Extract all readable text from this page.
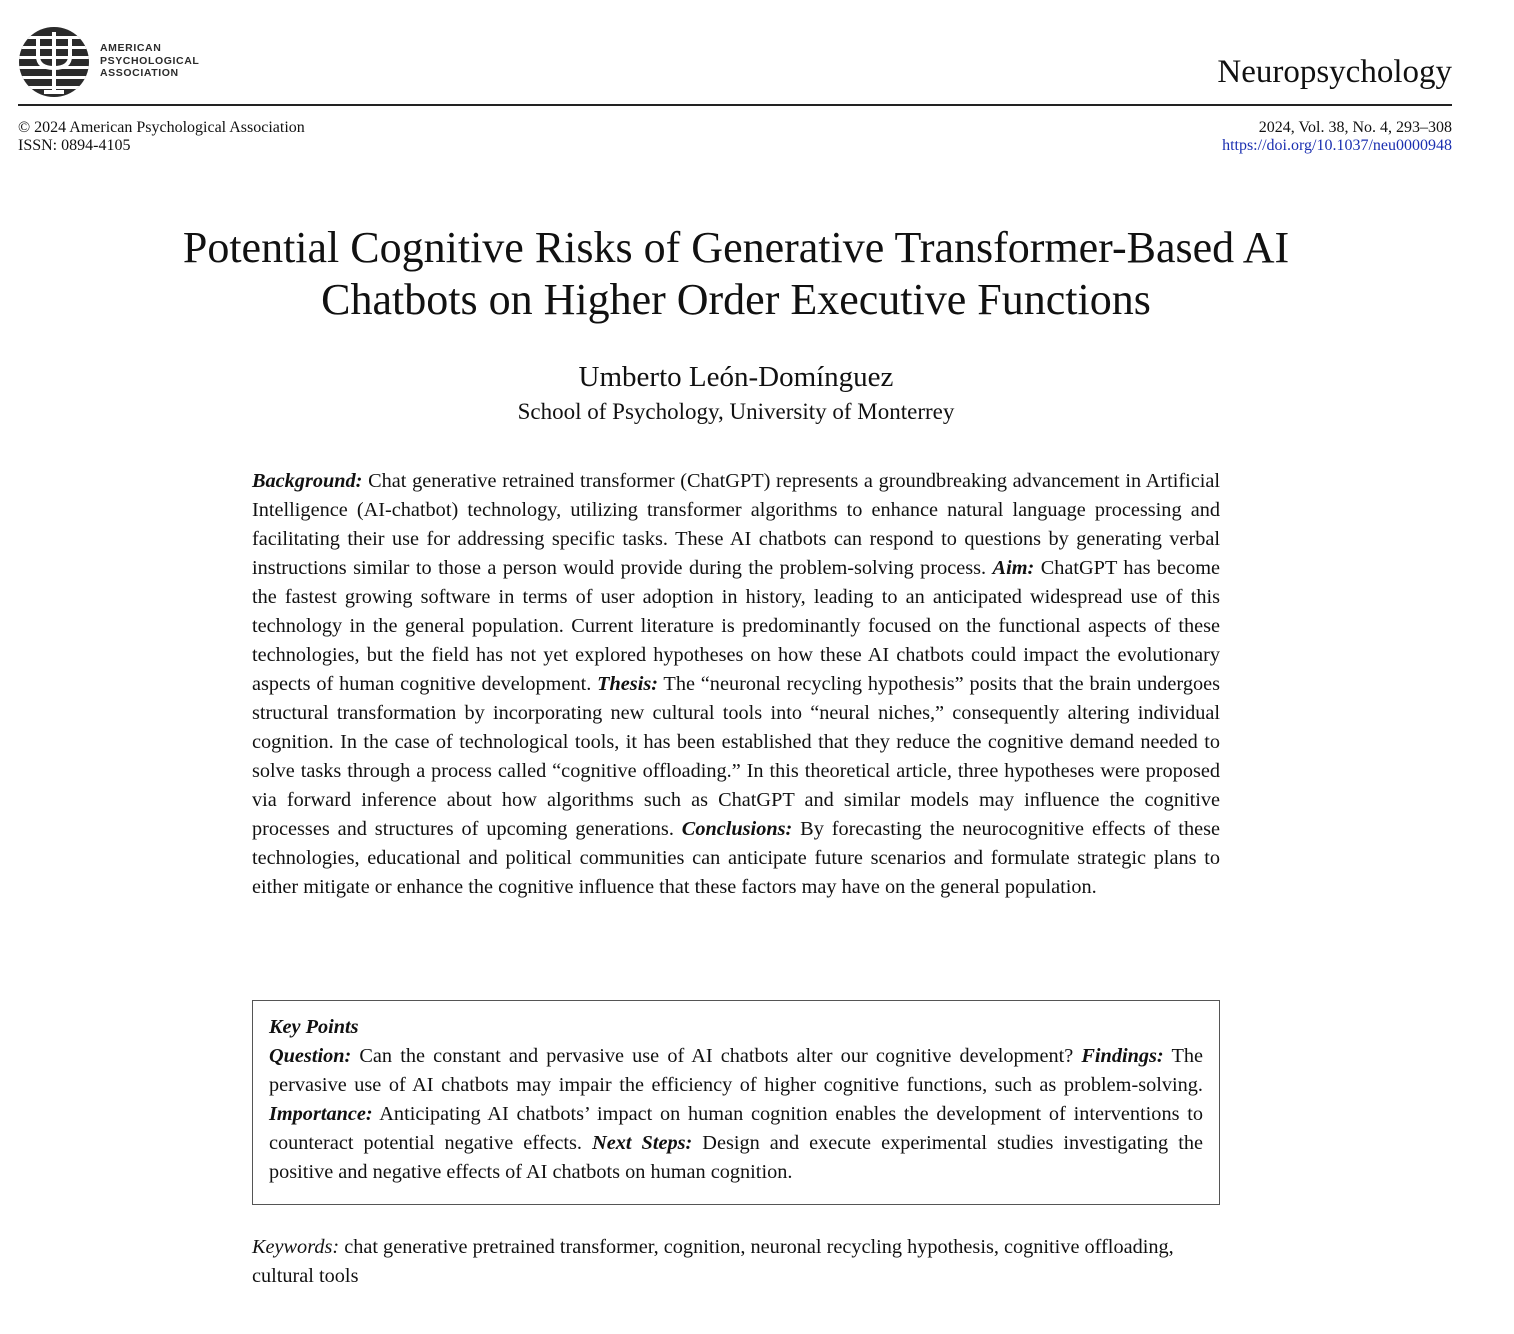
AMERICAN
PSYCHOLOGICAL
ASSOCIATION	Neuropsychology
© 2024 American Psychological Association
ISSN: 0894-4105
2024, Vol. 38, No. 4, 293–308
https://doi.org/10.1037/neu0000948
Potential Cognitive Risks of Generative Transformer-Based AI
Chatbots on Higher Order Executive Functions
Umberto León-Domínguez
School of Psychology, University of Monterrey

Background: Chat generative retrained transformer (ChatGPT) represents a groundbreaking advancement in Artificial Intelligence (AI-chatbot) technology, utilizing transformer algorithms to enhance natural language processing and facilitating their use for addressing specific tasks. These AI chatbots can respond to questions by generating verbal instructions similar to those a person would provide during the problem-solving process. Aim: ChatGPT has become the fastest growing software in terms of user adoption in history, leading to an anticipated widespread use of this technology in the general population. Current literature is predominantly focused on the functional aspects of these technologies, but the field has not yet explored hypotheses on how these AI chatbots could impact the evolutionary aspects of human cognitive development. Thesis: The “neuronal recycling hypothesis” posits that the brain undergoes structural transformation by incorporating new cultural tools into “neural niches,” consequently altering individual cognition. In the case of technological tools, it has been established that they reduce the cognitive demand needed to solve tasks through a process called “cognitive offloading.” In this theoretical article, three hypotheses were proposed via forward inference about how algorithms such as ChatGPT and similar models may influence the cognitive processes and structures of upcoming generations. Conclusions: By forecasting the neurocognitive effects of these technologies, educational and political communities can anticipate future scenarios and formulate strategic plans to either mitigate or enhance the cognitive influence that these factors may have on the general population.

Key Points
Question: Can the constant and pervasive use of AI chatbots alter our cognitive development? Findings: The pervasive use of AI chatbots may impair the efficiency of higher cognitive functions, such as problem-solving. Importance: Anticipating AI chatbots’ impact on human cognition enables the development of interventions to counteract potential negative effects. Next Steps: Design and execute experimental studies investigating the positive and negative effects of AI chatbots on human cognition.
Keywords: chat generative pretrained transformer, cognition, neuronal recycling hypothesis, cognitive offloading, cultural tools
